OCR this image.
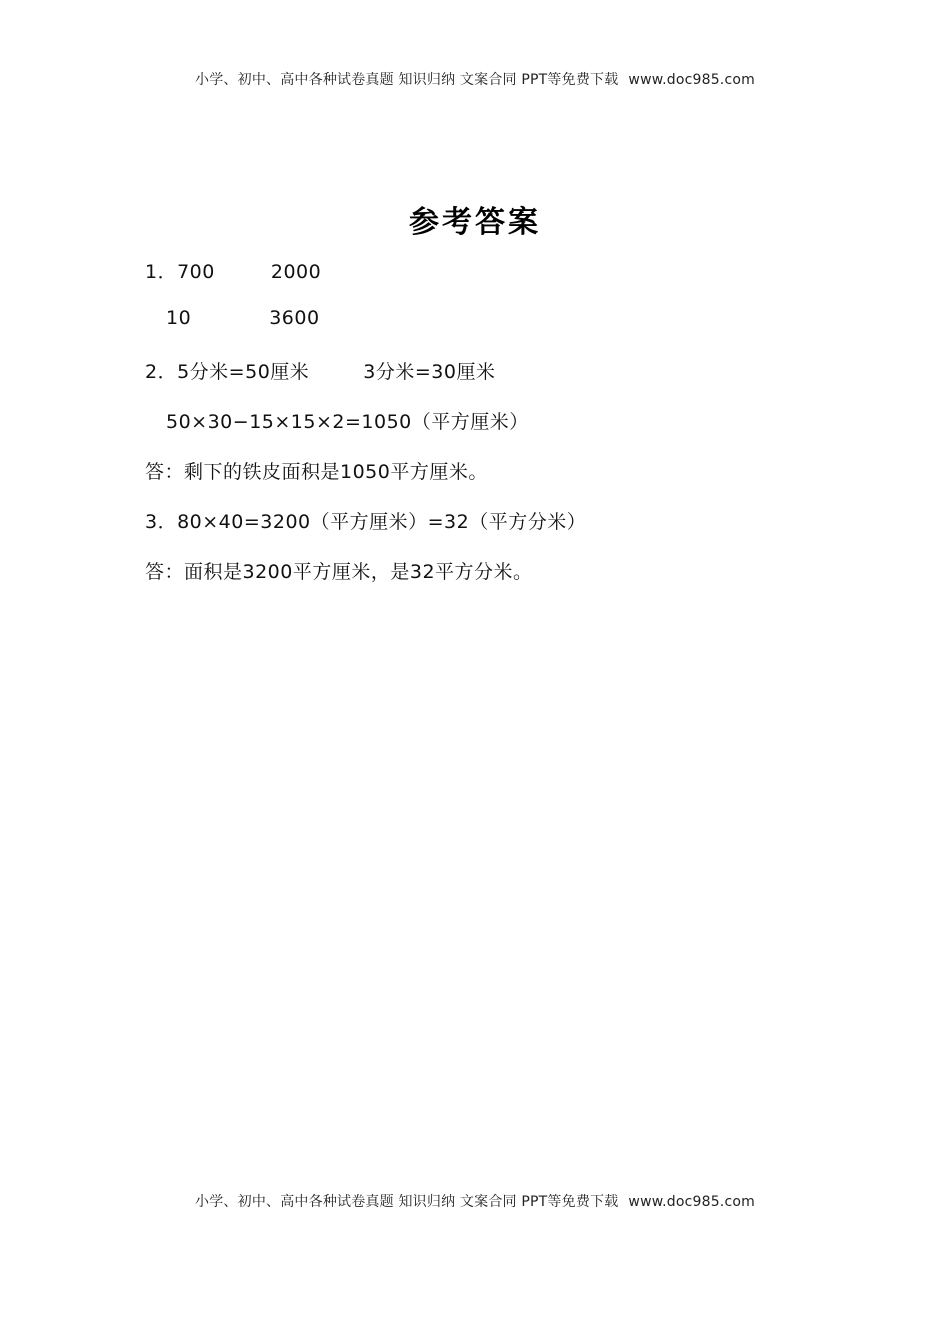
小学、初中、高中各种试卷真题 知识归纳 文案合同 PPT等免费下载 www.doc985.com
参考答案
1．700	2000
10	3600
2．5分米=50厘米	3分米=30厘米
50×30−15×15×2=1050（平方厘米）
答：剩下的铁皮面积是1050平方厘米。
3．80×40=3200（平方厘米）=32（平方分米）
答：面积是3200平方厘米，是32平方分米。
小学、初中、高中各种试卷真题 知识归纳 文案合同 PPT等免费下载 www.doc985.com
